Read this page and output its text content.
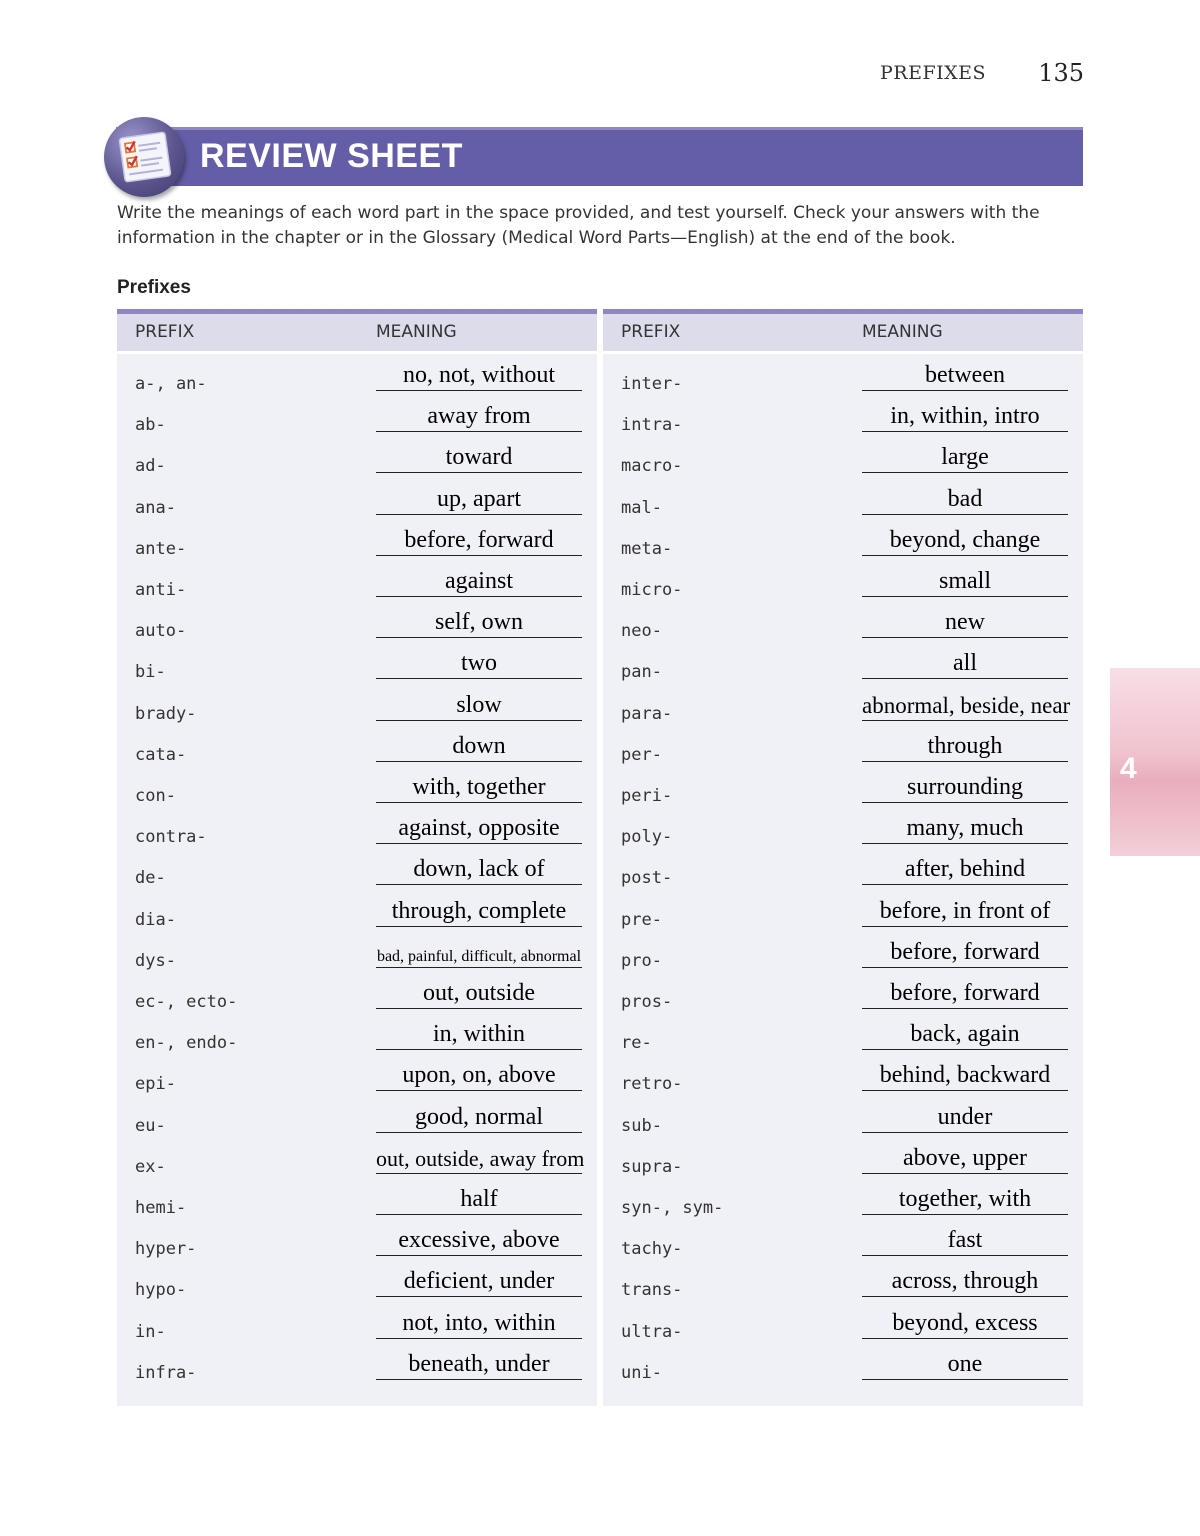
PREFIXES 135
REVIEW SHEET
Write the meanings of each word part in the space provided, and test yourself. Check your answers with the information in the chapter or in the Glossary (Medical Word Parts—English) at the end of the book.
Prefixes
PREFIX	MEANING
a-, an-	no, not, without
ab-	away from
ad-	toward
ana-	up, apart
ante-	before, forward
anti-	against
auto-	self, own
bi-	two
brady-	slow
cata-	down
con-	with, together
contra-	against, opposite
de-	down, lack of
dia-	through, complete
dys-	bad, painful, difficult, abnormal
ec-, ecto-	out, outside
en-, endo-	in, within
epi-	upon, on, above
eu-	good, normal
ex-	out, outside, away from
hemi-	half
hyper-	excessive, above
hypo-	deficient, under
in-	not, into, within
infra-	beneath, under
PREFIX	MEANING
inter-	between
intra-	in, within, intro
macro-	large
mal-	bad
meta-	beyond, change
micro-	small
neo-	new
pan-	all
para-	abnormal, beside, near
per-	through
peri-	surrounding
poly-	many, much
post-	after, behind
pre-	before, in front of
pro-	before, forward
pros-	before, forward
re-	back, again
retro-	behind, backward
sub-	under
supra-	above, upper
syn-, sym-	together, with
tachy-	fast
trans-	across, through
ultra-	beyond, excess
uni-	one
4
